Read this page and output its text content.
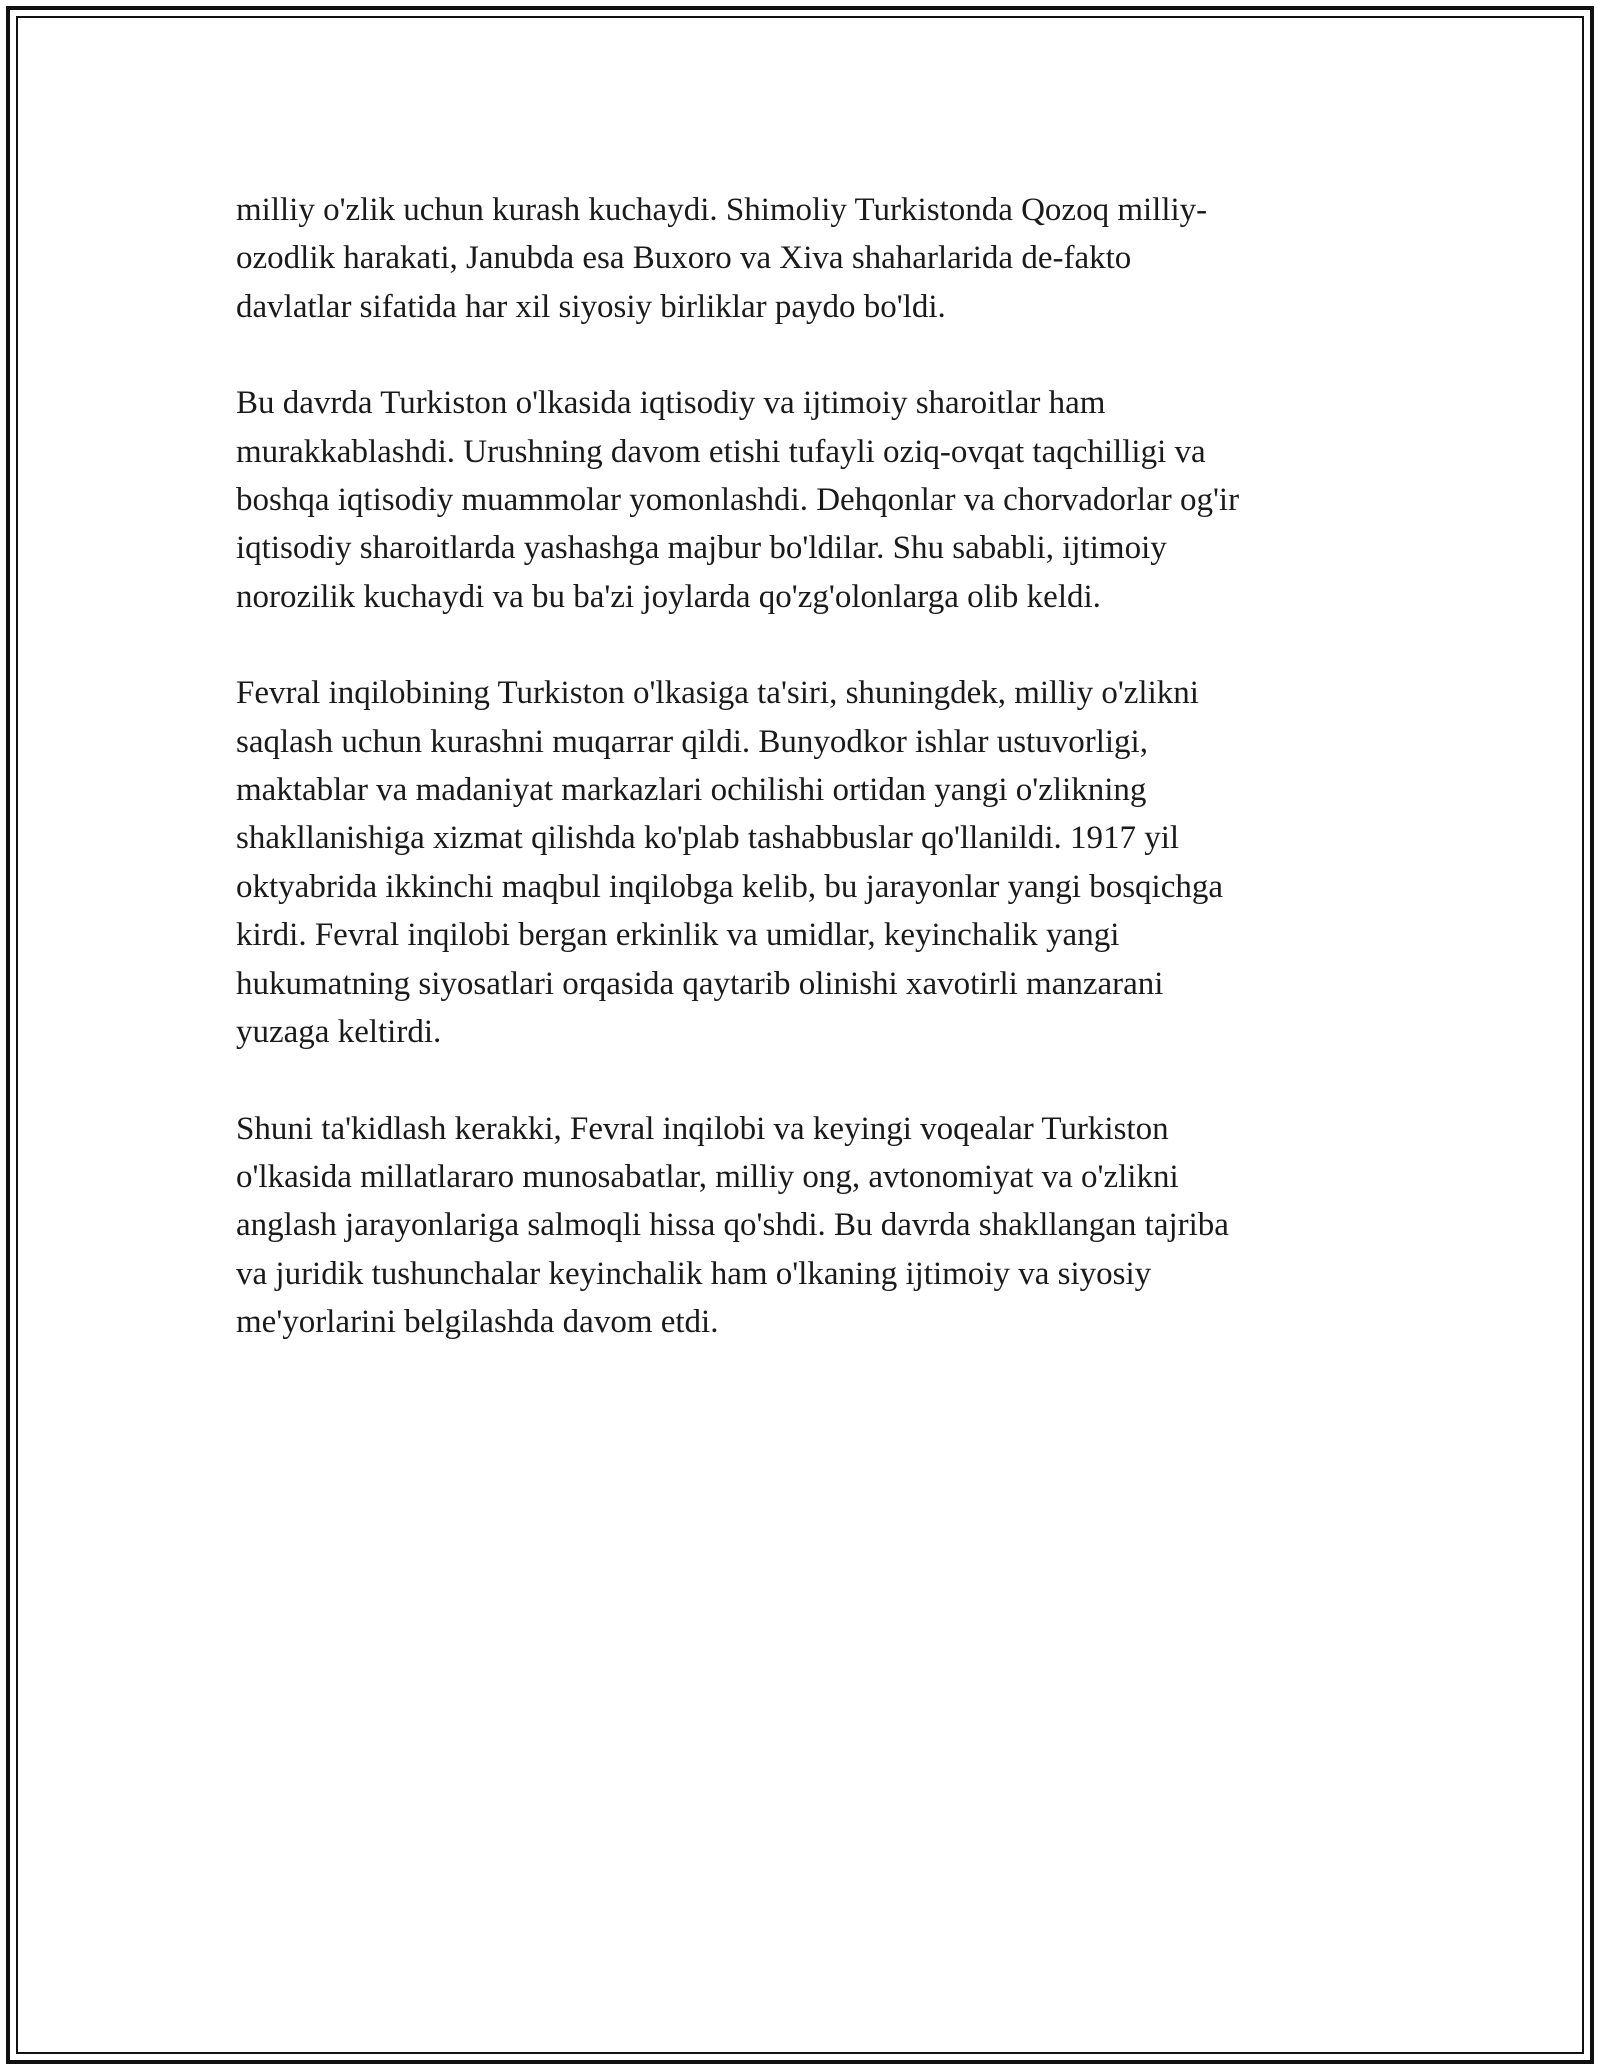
milliy o'zlik uchun kurash kuchaydi. Shimoliy Turkistonda Qozoq milliy-
ozodlik harakati, Janubda esa Buxoro va Xiva shaharlarida de-fakto
davlatlar sifatida har xil siyosiy birliklar paydo bo'ldi.

Bu davrda Turkiston o'lkasida iqtisodiy va ijtimoiy sharoitlar ham
murakkablashdi. Urushning davom etishi tufayli oziq-ovqat taqchilligi va
boshqa iqtisodiy muammolar yomonlashdi. Dehqonlar va chorvadorlar og'ir
iqtisodiy sharoitlarda yashashga majbur bo'ldilar. Shu sababli, ijtimoiy
norozilik kuchaydi va bu ba'zi joylarda qo'zg'olonlarga olib keldi.

Fevral inqilobining Turkiston o'lkasiga ta'siri, shuningdek, milliy o'zlikni
saqlash uchun kurashni muqarrar qildi. Bunyodkor ishlar ustuvorligi,
maktablar va madaniyat markazlari ochilishi ortidan yangi o'zlikning
shakllanishiga xizmat qilishda ko'plab tashabbuslar qo'llanildi. 1917 yil
oktyabrida ikkinchi maqbul inqilobga kelib, bu jarayonlar yangi bosqichga
kirdi. Fevral inqilobi bergan erkinlik va umidlar, keyinchalik yangi
hukumatning siyosatlari orqasida qaytarib olinishi xavotirli manzarani
yuzaga keltirdi.

Shuni ta'kidlash kerakki, Fevral inqilobi va keyingi voqealar Turkiston
o'lkasida millatlararo munosabatlar, milliy ong, avtonomiyat va o'zlikni
anglash jarayonlariga salmoqli hissa qo'shdi. Bu davrda shakllangan tajriba
va juridik tushunchalar keyinchalik ham o'lkaning ijtimoiy va siyosiy
me'yorlarini belgilashda davom etdi.
